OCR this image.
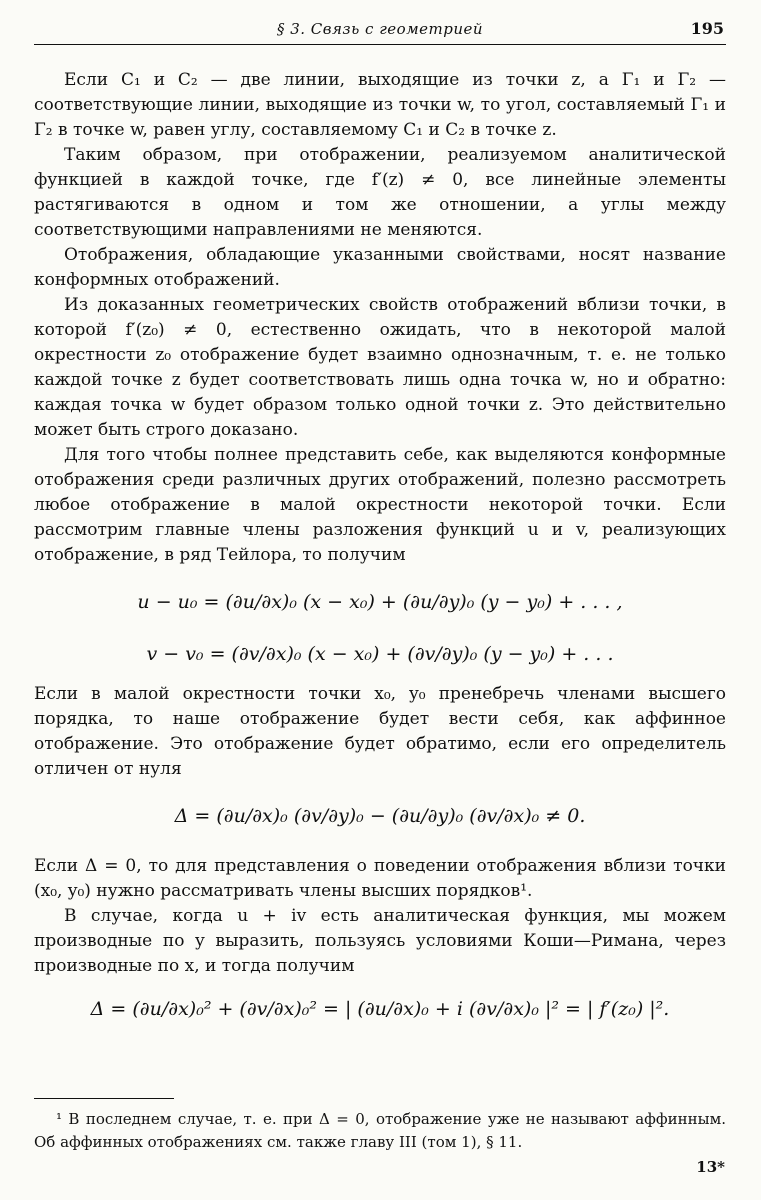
§ 3. Связь с геометрией	195

Если C₁ и C₂ — две линии, выходящие из точки z, а Γ₁ и Γ₂ — соответствующие линии, выходящие из точки w, то угол, составляемый Γ₁ и Γ₂ в точке w, равен углу, составляемому C₁ и C₂ в точке z.

Таким образом, при отображении, реализуемом аналитической функцией в каждой точке, где f′(z) ≠ 0, все линейные элементы растягиваются в одном и том же отношении, а углы между соответствующими направлениями не меняются.

Отображения, обладающие указанными свойствами, носят название конформных отображений.

Из доказанных геометрических свойств отображений вблизи точки, в которой f′(z₀) ≠ 0, естественно ожидать, что в некоторой малой окрестности z₀ отображение будет взаимно однозначным, т. е. не только каждой точке z будет соответствовать лишь одна точка w, но и обратно: каждая точка w будет образом только одной точки z. Это действительно может быть строго доказано.

Для того чтобы полнее представить себе, как выделяются конформные отображения среди различных других отображений, полезно рассмотреть любое отображение в малой окрестности некоторой точки. Если рассмотрим главные члены разложения функций u и v, реализующих отображение, в ряд Тейлора, то получим

u − u₀ = (∂u/∂x)₀ (x − x₀) + (∂u/∂y)₀ (y − y₀) + . . . ,
v − v₀ = (∂v/∂x)₀ (x − x₀) + (∂v/∂y)₀ (y − y₀) + . . .

Если в малой окрестности точки x₀, y₀ пренебречь членами высшего порядка, то наше отображение будет вести себя, как аффинное отображение. Это отображение будет обратимо, если его определитель отличен от нуля

Δ = (∂u/∂x)₀ (∂v/∂y)₀ − (∂u/∂y)₀ (∂v/∂x)₀ ≠ 0.

Если Δ = 0, то для представления о поведении отображения вблизи точки (x₀, y₀) нужно рассматривать члены высших порядков¹.

В случае, когда u + iv есть аналитическая функция, мы можем производные по y выразить, пользуясь условиями Коши—Римана, через производные по x, и тогда получим

Δ = (∂u/∂x)₀² + (∂v/∂x)₀² = | (∂u/∂x)₀ + i (∂v/∂x)₀ |² = | f′(z₀) |².
¹ В последнем случае, т. е. при Δ = 0, отображение уже не называют аффинным. Об аффинных отображениях см. также главу III (том 1), § 11.
13*
